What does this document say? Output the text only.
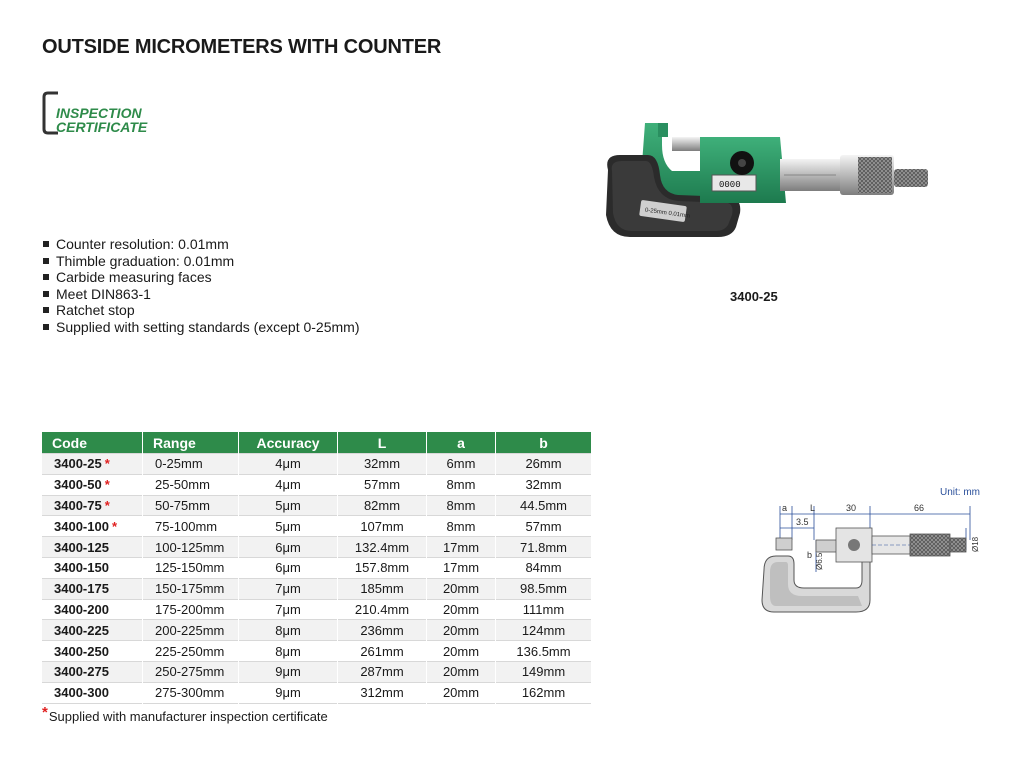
OUTSIDE MICROMETERS WITH COUNTER
INSPECTION
CERTIFICATE
Counter resolution: 0.01mm
Thimble graduation: 0.01mm
Carbide measuring faces
Meet DIN863-1
Ratchet stop
Supplied with setting standards (except 0-25mm)
0-25mm 0.01mm
0000
3400-25
Code	Range	Accuracy	L	a	b
3400-25 *	0-25mm	4μm	32mm	6mm	26mm
3400-50 *	25-50mm	4μm	57mm	8mm	32mm
3400-75 *	50-75mm	5μm	82mm	8mm	44.5mm
3400-100 *	75-100mm	5μm	107mm	8mm	57mm
3400-125	100-125mm	6μm	132.4mm	17mm	71.8mm
3400-150	125-150mm	6μm	157.8mm	17mm	84mm
3400-175	150-175mm	7μm	185mm	20mm	98.5mm
3400-200	175-200mm	7μm	210.4mm	20mm	111mm
3400-225	200-225mm	8μm	236mm	20mm	124mm
3400-250	225-250mm	8μm	261mm	20mm	136.5mm
3400-275	250-275mm	9μm	287mm	20mm	149mm
3400-300	275-300mm	9μm	312mm	20mm	162mm
*Supplied with manufacturer inspection certificate
Unit: mm
a	L	30	66
3.5
b Ø6.5
Ø18
